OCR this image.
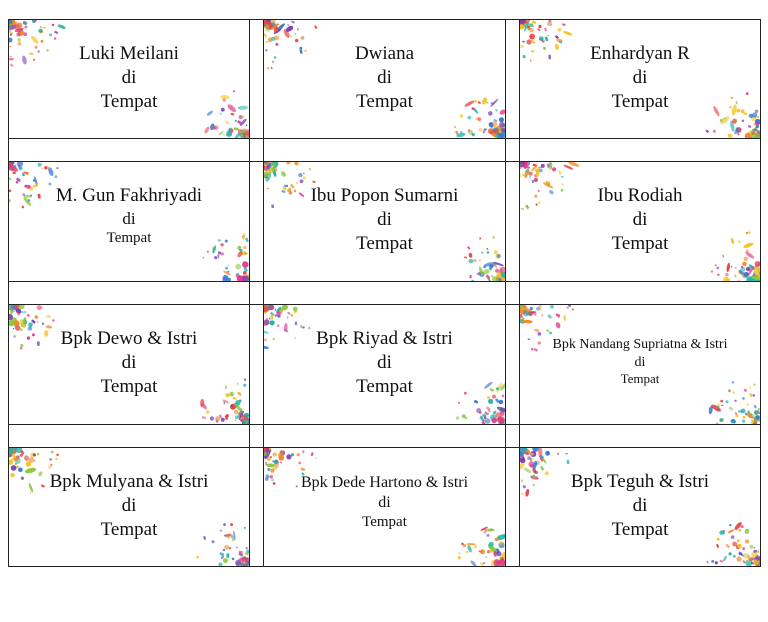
Luki Meilani
di
Tempat
Dwiana
di
Tempat
Enhardyan R
di
Tempat
M. Gun Fakhriyadi
di
Tempat
Ibu Popon Sumarni
di
Tempat
Ibu Rodiah
di
Tempat
Bpk Dewo & Istri
di
Tempat
Bpk Riyad & Istri
di
Tempat
Bpk Nandang Supriatna & Istri
di
Tempat
Bpk Mulyana & Istri
di
Tempat
Bpk Dede Hartono & Istri
di
Tempat
Bpk Teguh & Istri
di
Tempat
